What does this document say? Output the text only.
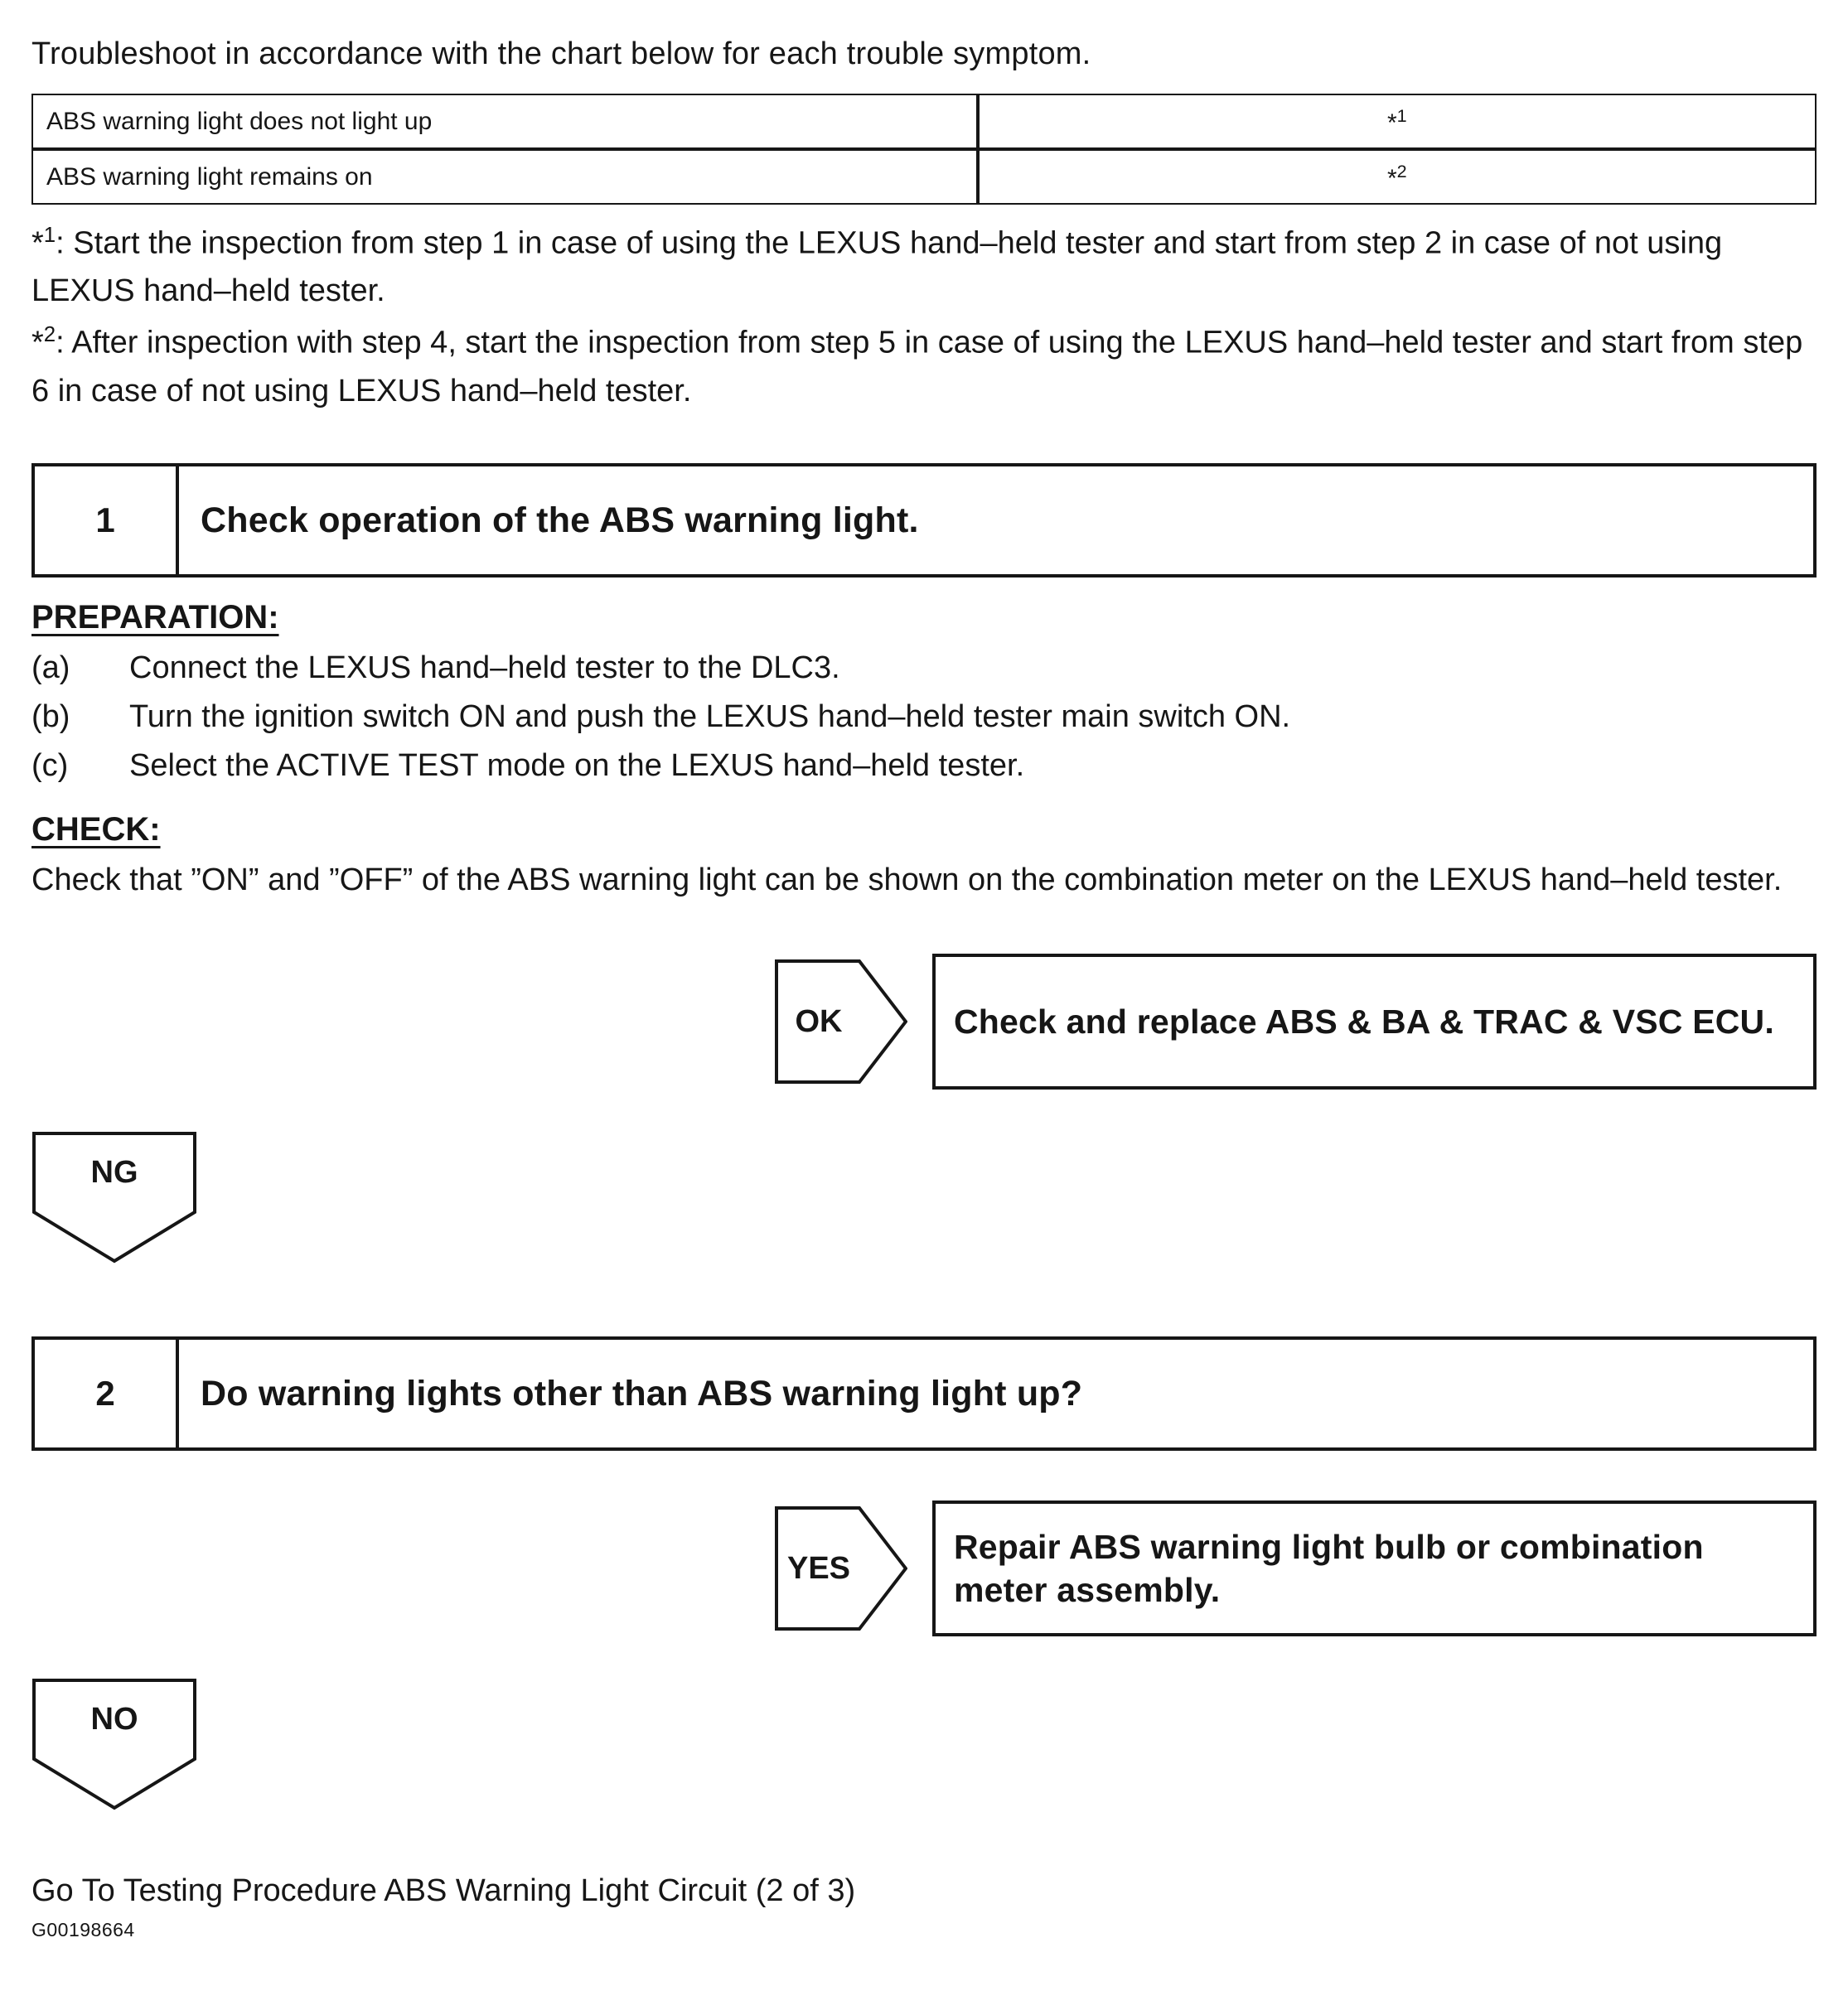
Troubleshoot in accordance with the chart below for each trouble symptom.

ABS warning light does not light up	*$^1$
ABS warning light remains on	*$^2$

*$^1$: Start the inspection from step 1 in case of using the LEXUS hand–held tester and start from step 2 in case of not using LEXUS hand–held tester.

*$^2$: After inspection with step 4, start the inspection from step 5 in case of using the LEXUS hand–held tester and start from step 6 in case of not using LEXUS hand–held tester.

1	Check operation of the ABS warning light.
PREPARATION:
(a)	Connect the LEXUS hand–held tester to the DLC3.
(b)	Turn the ignition switch ON and push the LEXUS hand–held tester main switch ON.
(c)	Select the ACTIVE TEST mode on the LEXUS hand–held tester.
CHECK:

Check that ”ON” and ”OFF” of the ABS warning light can be shown on the combination meter on the LEXUS hand–held tester.

OK	Check and replace ABS & BA & TRAC & VSC ECU.
NG
2	Do warning lights other than ABS warning light up?
YES
Repair ABS warning light bulb or combination meter assembly.
NO

Go To Testing Procedure ABS Warning Light Circuit (2 of 3)

G00198664
